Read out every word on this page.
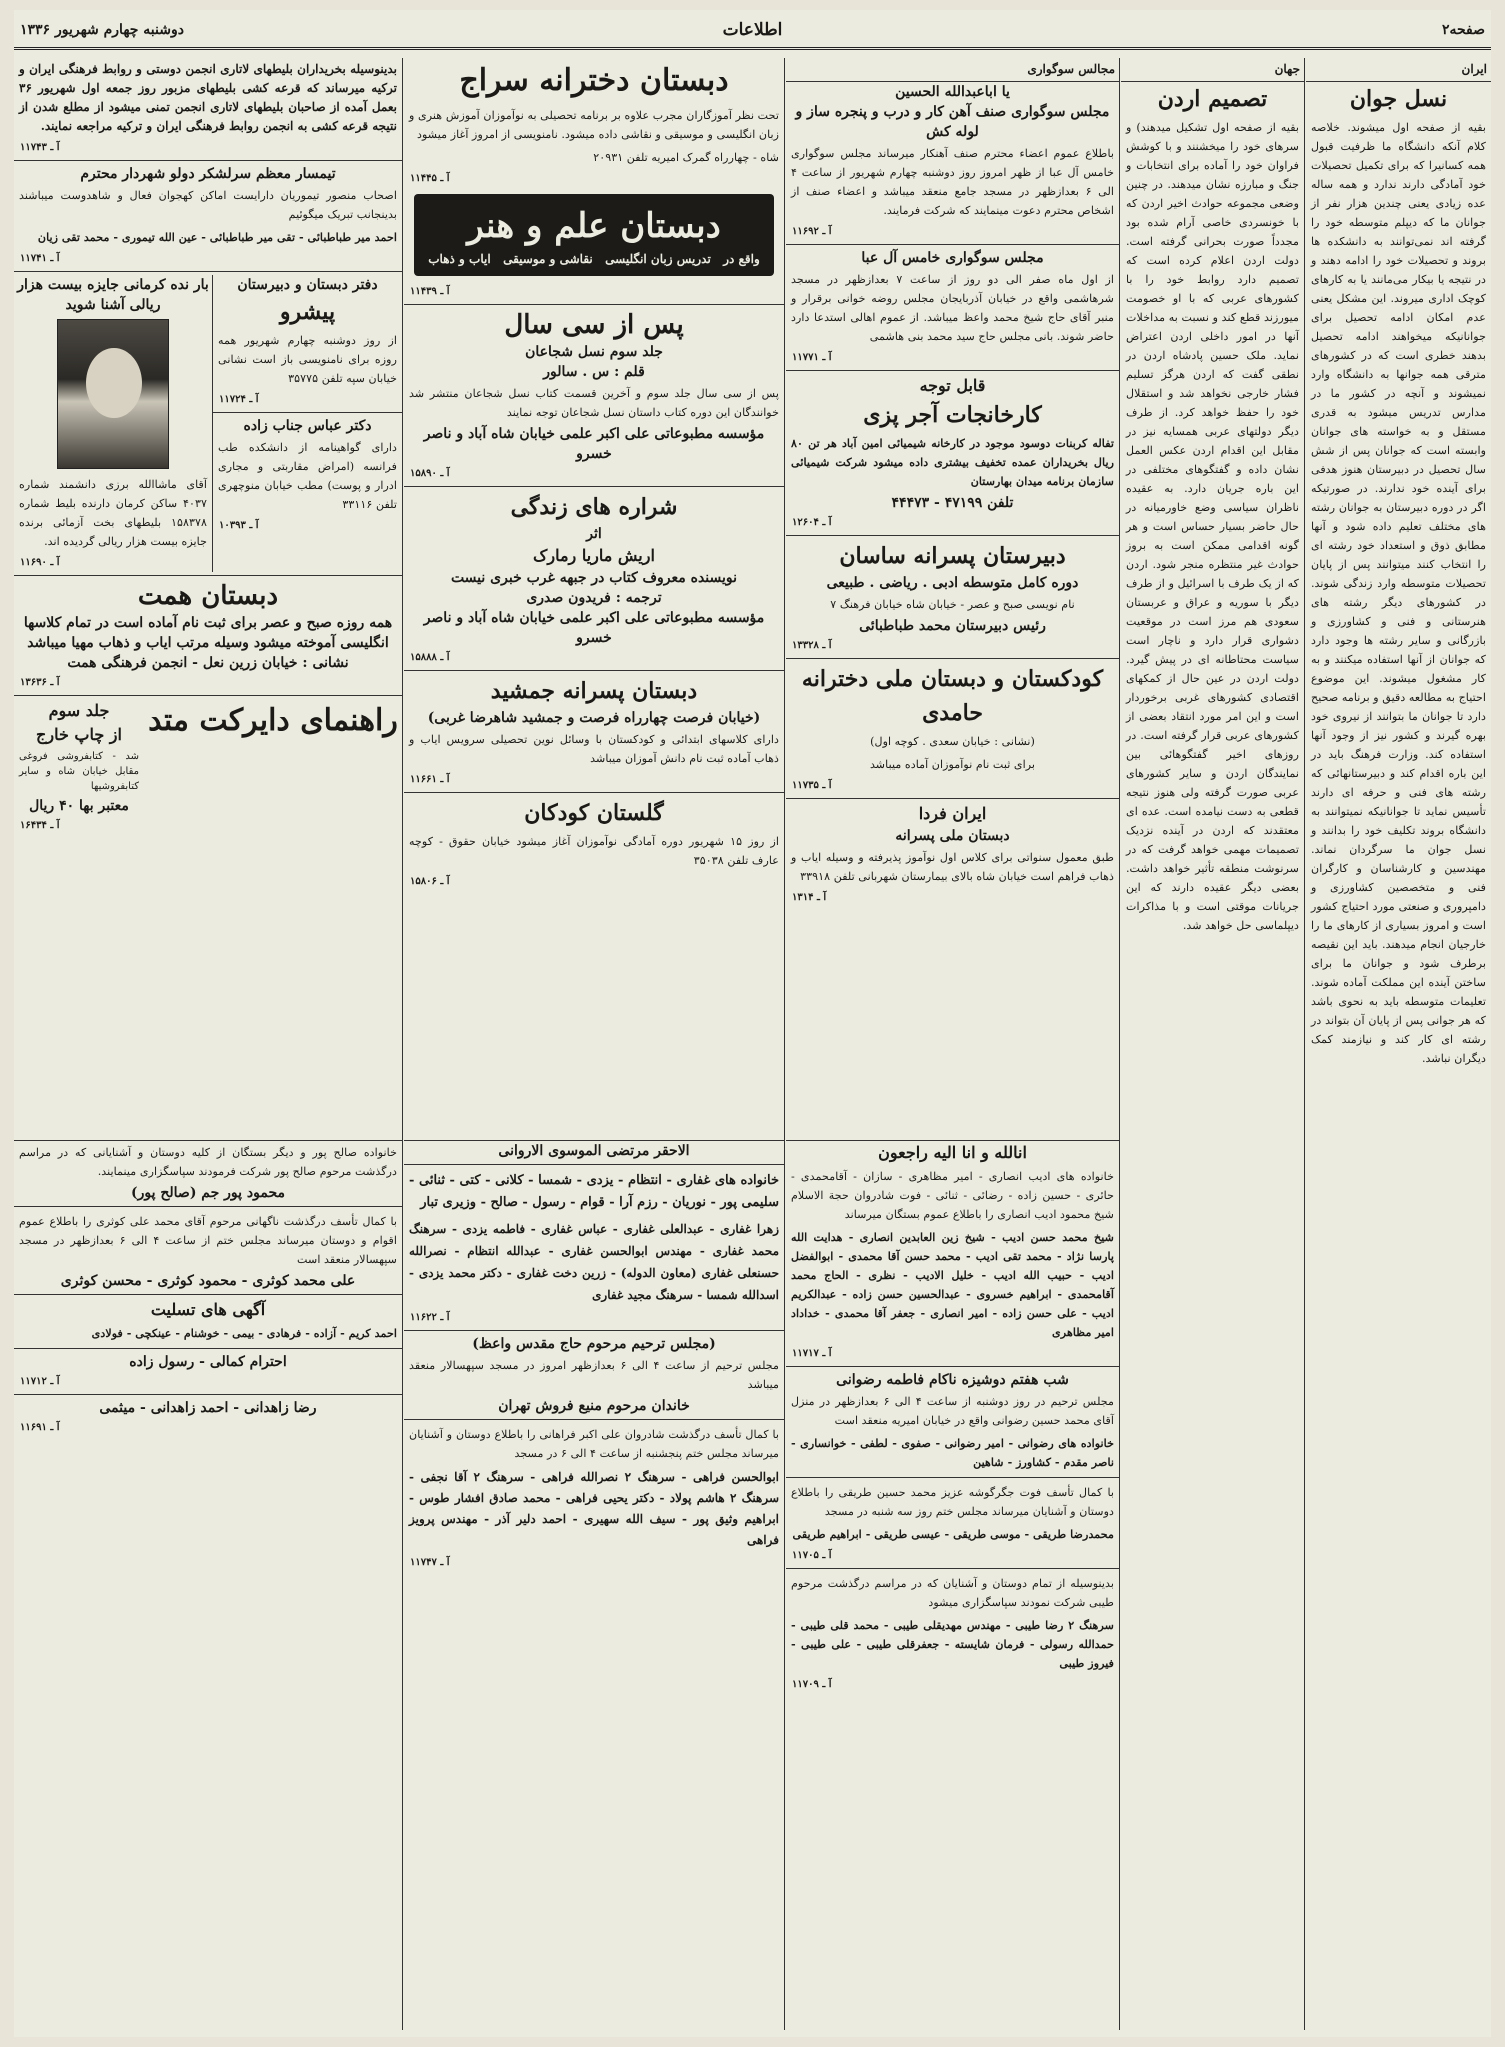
صفحه۲
اطلاعات
دوشنبه چهارم شهریور ۱۳۳۶
ایران
نسل جوان
بقیه از صفحه اول میشوند. خلاصه کلام آنکه دانشگاه ما ظرفیت قبول همه کسانیرا که برای تکمیل تحصیلات خود آمادگی دارند ندارد و همه ساله عده زیادی یعنی چندین هزار نفر از جوانان ما که دیپلم متوسطه خود را گرفته اند نمی‌توانند به دانشکده ها بروند و تحصیلات خود را ادامه دهند و در نتیجه یا بیکار می‌مانند یا به کارهای کوچک اداری میروند. این مشکل یعنی عدم امکان ادامه تحصیل برای جوانانیکه میخواهند ادامه تحصیل بدهند خطری است که در کشورهای مترقی همه جوانها به دانشگاه وارد نمیشوند و آنچه در کشور ما در مدارس تدریس میشود به قدری مستقل و به خواسته های جوانان وابسته است که جوانان پس از شش سال تحصیل در دبیرستان هنوز هدفی برای آینده خود ندارند. در صورتیکه اگر در دوره دبیرستان به جوانان رشته های مختلف تعلیم داده شود و آنها مطابق ذوق و استعداد خود رشته ای را انتخاب کنند میتوانند پس از پایان تحصیلات متوسطه وارد زندگی شوند. در کشورهای دیگر رشته های هنرستانی و فنی و کشاورزی و بازرگانی و سایر رشته ها وجود دارد که جوانان از آنها استفاده میکنند و به کار مشغول میشوند. این موضوع احتیاج به مطالعه دقیق و برنامه صحیح دارد تا جوانان ما بتوانند از نیروی خود بهره گیرند و کشور نیز از وجود آنها استفاده کند. وزارت فرهنگ باید در این باره اقدام کند و دبیرستانهائی که رشته های فنی و حرفه ای دارند تأسیس نماید تا جوانانیکه نمیتوانند به دانشگاه بروند تکلیف خود را بدانند و نسل جوان ما سرگردان نماند. مهندسین و کارشناسان و کارگران فنی و متخصصین کشاورزی و دامپروری و صنعتی مورد احتیاج کشور است و امروز بسیاری از کارهای ما را خارجیان انجام میدهند. باید این نقیصه برطرف شود و جوانان ما برای ساختن آینده این مملکت آماده شوند. تعلیمات متوسطه باید به نحوی باشد که هر جوانی پس از پایان آن بتواند در رشته ای کار کند و نیازمند کمک دیگران نباشد.
جهان
تصمیم اردن
بقیه از صفحه اول تشکیل میدهند) و سرهای خود را میخشنند و با کوشش فراوان خود را آماده برای انتخابات و جنگ و مبارزه نشان میدهند. در چنین وضعی مجموعه حوادث اخیر اردن که با خونسردی خاصی آرام شده بود مجدداً صورت بحرانی گرفته است. دولت اردن اعلام کرده است که تصمیم دارد روابط خود را با کشورهای عربی که با او خصومت میورزند قطع کند و نسبت به مداخلات آنها در امور داخلی اردن اعتراض نماید. ملک حسین پادشاه اردن در نطقی گفت که اردن هرگز تسلیم فشار خارجی نخواهد شد و استقلال خود را حفظ خواهد کرد. از طرف دیگر دولتهای عربی همسایه نیز در مقابل این اقدام اردن عکس العمل نشان داده و گفتگوهای مختلفی در این باره جریان دارد. به عقیده ناظران سیاسی وضع خاورمیانه در حال حاضر بسیار حساس است و هر گونه اقدامی ممکن است به بروز حوادث غیر منتظره منجر شود. اردن که از یک طرف با اسرائیل و از طرف دیگر با سوریه و عراق و عربستان سعودی هم مرز است در موقعیت دشواری قرار دارد و ناچار است سیاست محتاطانه ای در پیش گیرد. دولت اردن در عین حال از کمکهای اقتصادی کشورهای غربی برخوردار است و این امر مورد انتقاد بعضی از کشورهای عربی قرار گرفته است. در روزهای اخیر گفتگوهائی بین نمایندگان اردن و سایر کشورهای عربی صورت گرفته ولی هنوز نتیجه قطعی به دست نیامده است. عده ای معتقدند که اردن در آینده نزدیک تصمیمات مهمی خواهد گرفت که در سرنوشت منطقه تأثیر خواهد داشت. بعضی دیگر عقیده دارند که این جریانات موقتی است و با مذاکرات دیپلماسی حل خواهد شد.
مجالس سوگواری
یا اباعبدالله الحسین
مجلس سوگواری صنف آهن کار و درب و پنجره ساز و لوله کش
باطلاع عموم اعضاء محترم صنف آهنکار میرساند مجلس سوگواری خامس آل عبا از ظهر امروز روز دوشنبه چهارم شهریور از ساعت ۴ الی ۶ بعدازظهر در مسجد جامع منعقد میباشد و اعضاء صنف از اشخاص محترم دعوت مینمایند که شرکت فرمایند.
آ ـ ۱۱۶۹۲
مجلس سوگواری خامس آل عبا
از اول ماه صفر الی دو روز از ساعت ۷ بعدازظهر در مسجد شرهاشمی واقع در خیابان آذربایجان مجلس روضه خوانی برقرار و منبر آقای حاج شیخ محمد واعظ میباشد. از عموم اهالی استدعا دارد حاضر شوند. بانی مجلس حاج سید محمد بنی هاشمی
آ ـ ۱۱۷۷۱
قابل توجه
کارخانجات آجر پزی
تفاله کربنات دوسود موجود در کارخانه شیمیائی امین آباد هر تن ۸۰ ریال بخریداران عمده تخفیف بیشتری داده میشود شرکت شیمیائی سازمان برنامه میدان بهارستان
تلفن ۴۷۱۹۹ - ۴۴۴۷۳
آ ـ ۱۲۶۰۴
دبیرستان پسرانه ساسان
دوره کامل متوسطه ادبی . ریاضی . طبیعی
نام نویسی صبح و عصر - خیابان شاه خیابان فرهنگ ۷
رئیس دبیرستان محمد طباطبائی
آ ـ ۱۳۳۲۸
کودکستان و دبستان ملی دخترانه حامدی
(نشانی : خیابان سعدی . کوچه اول)
برای ثبت نام نوآموزان آماده میباشد
آ ـ ۱۱۷۳۵
ایران فردا
دبستان ملی پسرانه
طبق معمول سنواتی برای کلاس اول نوآموز پذیرفته و وسیله ایاب و ذهاب فراهم است خیابان شاه بالای بیمارستان شهربانی تلفن ۳۳۹۱۸
آ ـ ۱۳۱۴
دبستان دخترانه سراج
تحت نظر آموزگاران مجرب علاوه بر برنامه تحصیلی به نوآموزان آموزش هنری و زبان انگلیسی و موسیقی و نقاشی داده میشود. نامنویسی از امروز آغاز میشود
شاه - چهارراه گمرک امیریه تلفن ۲۰۹۳۱
آ ـ ۱۱۴۴۵
دبستان علم و هنر
واقع در
تدریس زبان انگلیسی
نقاشی و موسیقی
ایاب و ذهاب
آ ـ ۱۱۴۳۹
پس از سی سال
جلد سوم نسل شجاعان
قلم : س . سالور
پس از سی سال جلد سوم و آخرین قسمت کتاب نسل شجاعان منتشر شد خوانندگان این دوره کتاب داستان نسل شجاعان توجه نمایند
مؤسسه مطبوعاتی علی اکبر علمی خیابان شاه آباد و ناصر خسرو
آ ـ ۱۵۸۹۰
شراره های زندگی
اثر
اریش ماریا رمارک
نویسنده معروف کتاب در جبهه غرب خبری نیست
ترجمه : فریدون صدری
مؤسسه مطبوعاتی علی اکبر علمی خیابان شاه آباد و ناصر خسرو
آ ـ ۱۵۸۸۸
دبستان پسرانه جمشید
(خیابان فرصت چهارراه فرصت و جمشید شاهرضا غربی)
دارای کلاسهای ابتدائی و کودکستان با وسائل نوین تحصیلی سرویس ایاب و ذهاب آماده ثبت نام دانش آموزان میباشد
آ ـ ۱۱۶۶۱
گلستان کودکان
از روز ۱۵ شهریور دوره آمادگی نوآموزان آغاز میشود خیابان حقوق - کوچه عارف تلفن ۳۵۰۳۸
آ ـ ۱۵۸۰۶
بدینوسیله بخریداران بلیطهای لاتاری انجمن دوستی و روابط فرهنگی ایران و ترکیه میرساند که قرعه کشی بلیطهای مزبور روز جمعه اول شهریور ۳۶ بعمل آمده از صاحبان بلیطهای لاتاری انجمن تمنی میشود از مطلع شدن از نتیجه قرعه کشی به انجمن روابط فرهنگی ایران و ترکیه مراجعه نمایند.
آ ـ ۱۱۷۴۳
تیمسار معظم سرلشکر دولو شهردار محترم
اصحاب منصور تیموریان دارایست اماکن کهجوان فعال و شاهدوست میباشند بدینجانب تبریک میگوئیم
احمد میر طباطبائی - تقی میر طباطبائی - عین الله تیموری - محمد تقی زیان
آ ـ ۱۱۷۴۱
دفتر دبستان و دبیرستان
پیشرو
از روز دوشنبه چهارم شهریور همه روزه برای نامنویسی باز است نشانی خیابان سپه تلفن ۳۵۷۷۵
آ ـ ۱۱۷۲۴
دکتر عباس جناب زاده
دارای گواهینامه از دانشکده طب فرانسه (امراض مقاربتی و مجاری ادرار و پوست) مطب خیابان منوچهری تلفن ۳۳۱۱۶
آ ـ ۱۰۳۹۳
بار نده کرمانی جایزه بیست هزار ریالی آشنا شوید
آقای ماشاالله برزی دانشمند شماره ۴۰۳۷ ساکن کرمان دارنده بلیط شماره ۱۵۸۳۷۸ بلیطهای بخت آزمائی برنده جایزه بیست هزار ریالی گردیده اند.
آ ـ ۱۱۶۹۰
دبستان همت
همه روزه صبح و عصر برای ثبت نام آماده است در تمام کلاسها انگلیسی آموخته میشود وسیله مرتب ایاب و ذهاب مهیا میباشد
نشانی : خیابان زرین نعل - انجمن فرهنگی همت
آ ـ ۱۳۶۳۶
راهنمای دایرکت متد
جلد سوم
از چاپ خارج
شد - کتابفروشی فروغی مقابل خیابان شاه و سایر کتابفروشیها
معتبر بها ۴۰ ریال
آ ـ ۱۶۴۳۴
انالله و انا الیه راجعون
خانواده های ادیب انصاری - امیر مظاهری - سازان - آقامحمدی - حائری - حسین زاده - رضائی - ثنائی - فوت شادروان حجة الاسلام شیخ محمود ادیب انصاری را باطلاع عموم بستگان میرساند
شیخ محمد حسن ادیب - شیخ زین العابدین انصاری - هدایت الله پارسا نژاد - محمد تقی ادیب - محمد حسن آقا محمدی - ابوالفضل ادیب - حبیب الله ادیب - خلیل الادیب - نظری - الحاج محمد آقامحمدی - ابراهیم خسروی - عبدالحسین حسن زاده - عبدالکریم ادیب - علی حسن زاده - امیر انصاری - جعفر آقا محمدی - خداداد امیر مظاهری
آ ـ ۱۱۷۱۷
شب هفتم دوشیزه ناکام فاطمه رضوانی
مجلس ترحیم در روز دوشنبه از ساعت ۴ الی ۶ بعدازظهر در منزل آقای محمد حسین رضوانی واقع در خیابان امیریه منعقد است
خانواده های رضوانی - امیر رضوانی - صفوی - لطفی - خوانساری - ناصر مقدم - کشاورز - شاهین
با کمال تأسف فوت جگرگوشه عزیز محمد حسین طریقی را باطلاع دوستان و آشنایان میرساند مجلس ختم روز سه شنبه در مسجد
محمدرضا طریقی - موسی طریقی - عیسی طریقی - ابراهیم طریقی
آ ـ ۱۱۷۰۵
بدینوسیله از تمام دوستان و آشنایان که در مراسم درگذشت مرحوم طیبی شرکت نمودند سپاسگزاری میشود
سرهنگ ۲ رضا طیبی - مهندس مهدیقلی طیبی - محمد قلی طیبی - حمدالله رسولی - فرمان شایسته - جعفرقلی طیبی - علی طیبی - فیروز طیبی
آ ـ ۱۱۷۰۹
الاحقر مرتضی الموسوی الاروانی
خانواده های غفاری - انتظام - یزدی - شمسا - کلانی - کتی - ثنائی - سلیمی پور - نوریان - رزم آرا - قوام - رسول - صالح - وزیری تبار
زهرا غفاری - عبدالعلی غفاری - عباس غفاری - فاطمه یزدی - سرهنگ محمد غفاری - مهندس ابوالحسن غفاری - عبدالله انتظام - نصرالله حسنعلی غفاری (معاون الدوله) - زرین دخت غفاری - دکتر محمد یزدی - اسدالله شمسا - سرهنگ مجید غفاری
آ ـ ۱۱۶۲۲
(مجلس ترحیم مرحوم حاج مقدس واعظ)
مجلس ترحیم از ساعت ۴ الی ۶ بعدازظهر امروز در مسجد سپهسالار منعقد میباشد
خاندان مرحوم منیع فروش تهران
با کمال تأسف درگذشت شادروان علی اکبر فراهانی را باطلاع دوستان و آشنایان میرساند مجلس ختم پنجشنبه از ساعت ۴ الی ۶ در مسجد
ابوالحسن فراهی - سرهنگ ۲ نصرالله فراهی - سرهنگ ۲ آقا نجفی - سرهنگ ۲ هاشم پولاد - دکتر یحیی فراهی - محمد صادق افشار طوس - ابراهیم وثیق پور - سیف الله سهیری - احمد دلیر آذر - مهندس پرویز فراهی
آ ـ ۱۱۷۴۷
خانواده صالح پور و دیگر بستگان از کلیه دوستان و آشنایانی که در مراسم درگذشت مرحوم صالح پور شرکت فرمودند سپاسگزاری مینمایند.
محمود پور جم (صالح پور)
با کمال تأسف درگذشت ناگهانی مرحوم آقای محمد علی کوثری را باطلاع عموم اقوام و دوستان میرساند مجلس ختم از ساعت ۴ الی ۶ بعدازظهر در مسجد سپهسالار منعقد است
علی محمد کوثری - محمود کوثری - محسن کوثری
آگهی های تسلیت
احمد کریم - آزاده - فرهادی - بیمی - خوشنام - عینکچی - فولادی
احترام کمالی - رسول زاده
آ ـ ۱۱۷۱۲
رضا زاهدانی - احمد زاهدانی - میثمی
آ ـ ۱۱۶۹۱
